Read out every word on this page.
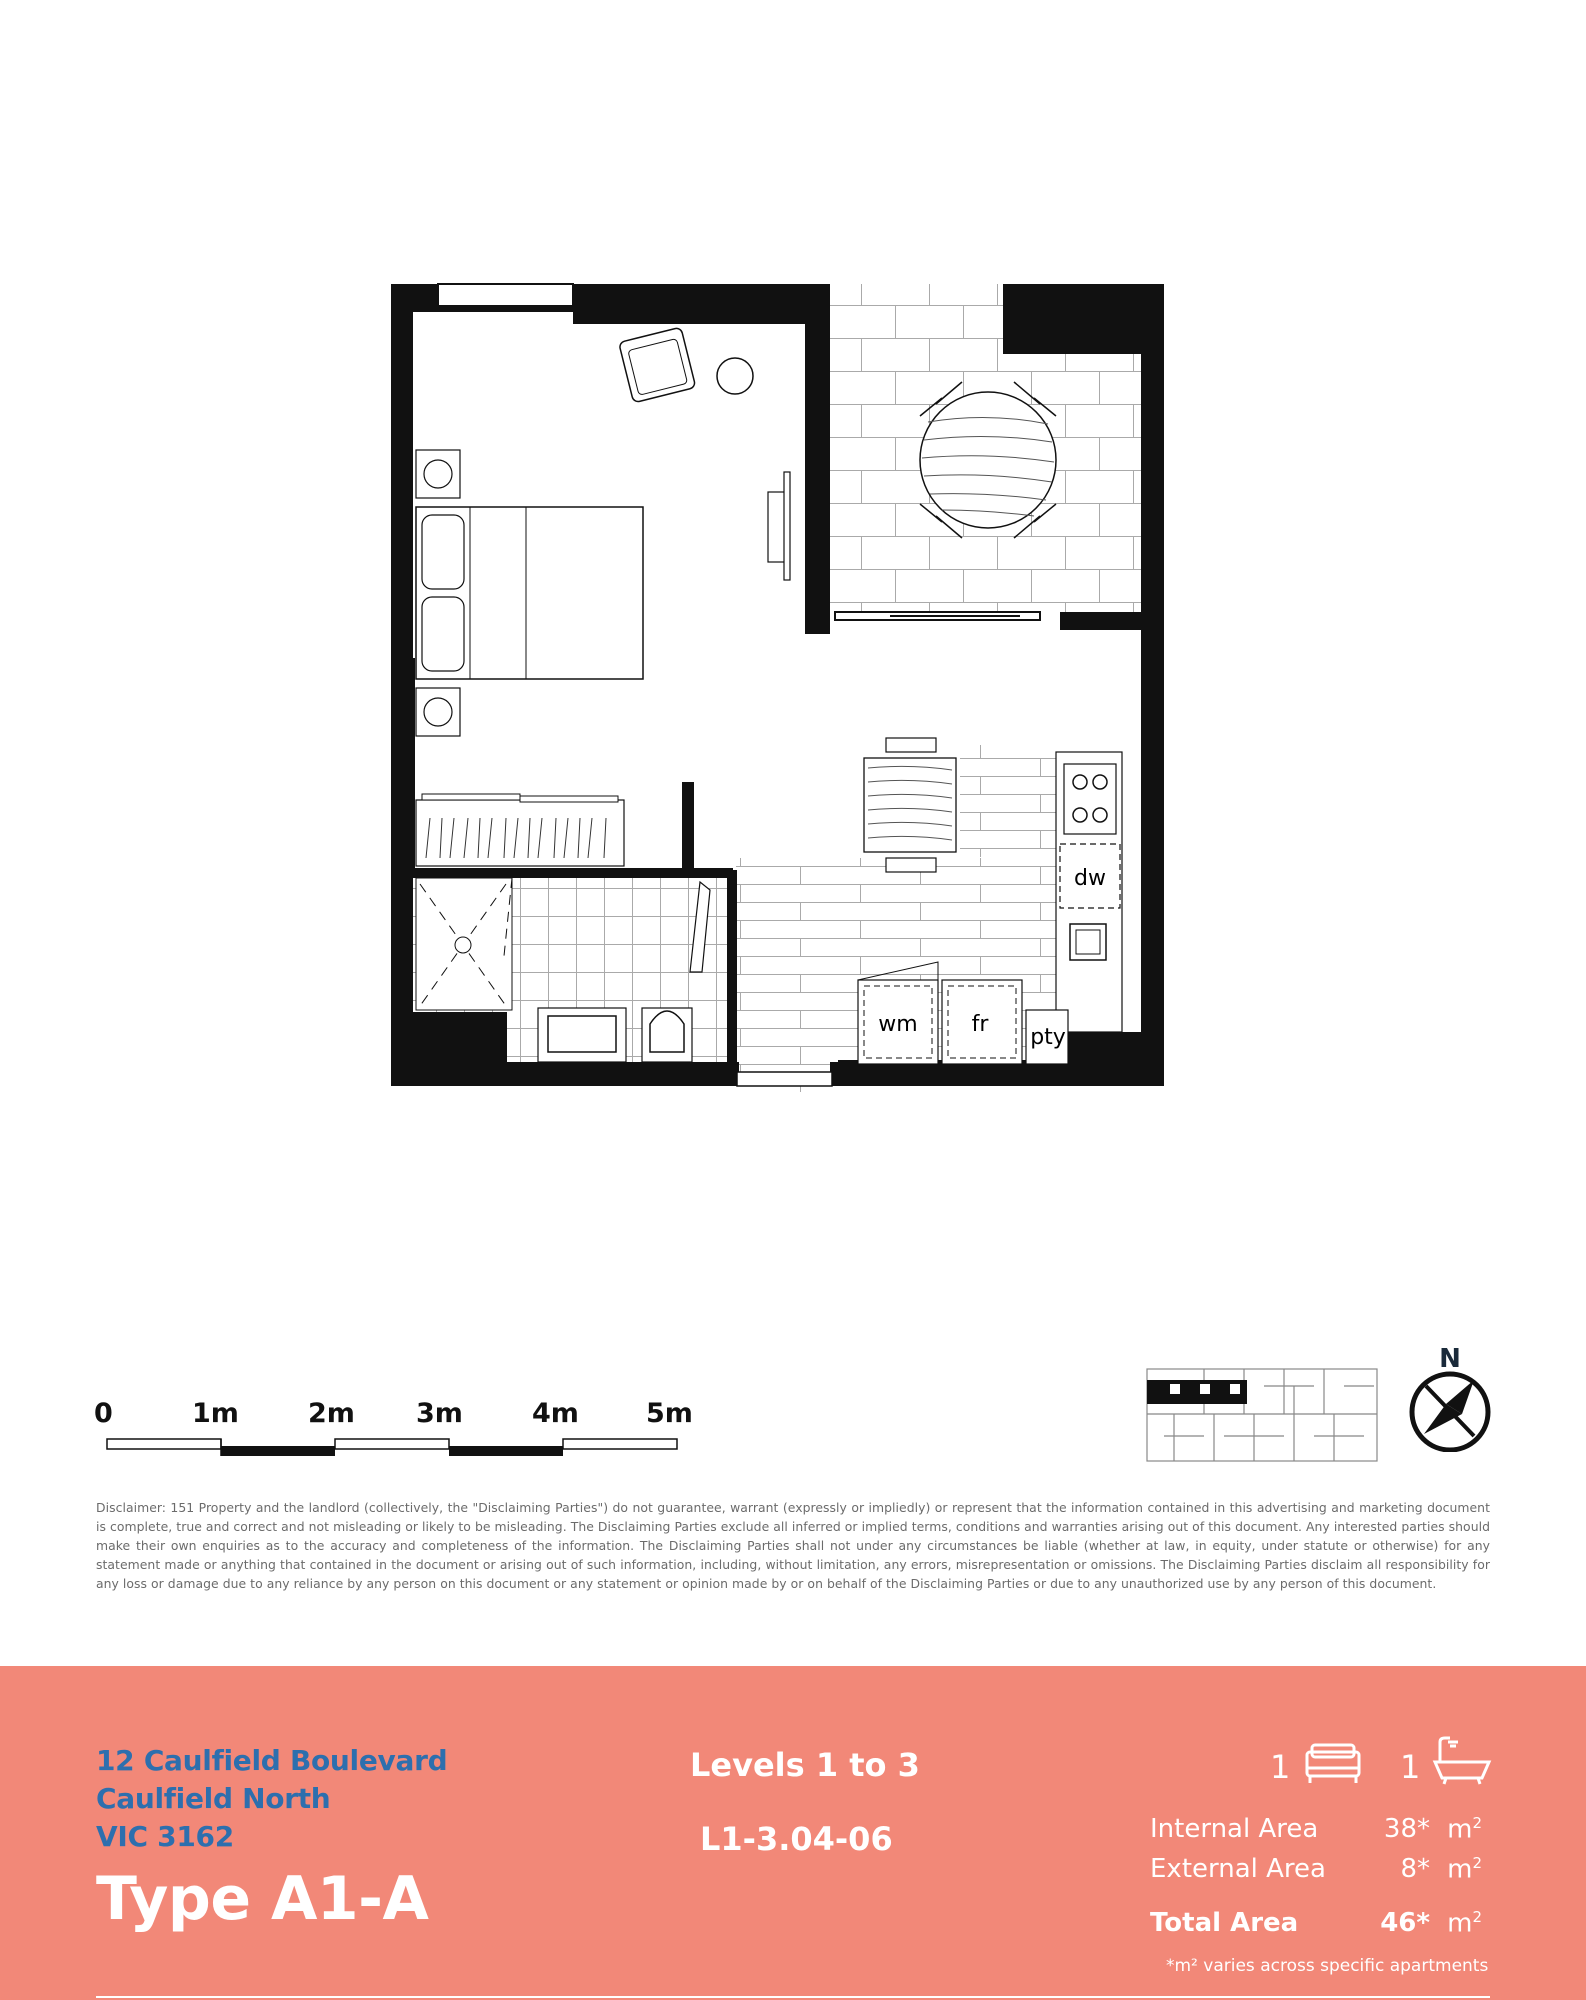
dw
wm fr
pty
0	1m	2m 3m	4m 5m
N
Disclaimer: 151 Property and the landlord (collectively, the "Disclaiming Parties") do not guarantee, warrant (expressly or impliedly) or represent that the information contained in this advertising and marketing document is complete, true and correct and not misleading or likely to be misleading. The Disclaiming Parties exclude all inferred or implied terms, conditions and warranties arising out of this document. Any interested parties should make their own enquiries as to the accuracy and completeness of the information. The Disclaiming Parties shall not under any circumstances be liable (whether at law, in equity, under statute or otherwise) for any statement made or anything that contained in the document or arising out of such information, including, without limitation, any errors, misrepresentation or omissions. The Disclaiming Parties disclaim all responsibility for any loss or damage due to any reliance by any person on this document or any statement or opinion made by or on behalf of the Disclaiming Parties or due to any unauthorized use by any person of this document.
12 Caulfield Boulevard
Caulfield North
VIC 3162
Type A1-A
Levels 1 to 3
L1-3.04-06
1	1
Internal Area	38* $m^2$
External Area	8* $m^2$
Total Area	46* $m^2$
*m² varies across specific apartments
